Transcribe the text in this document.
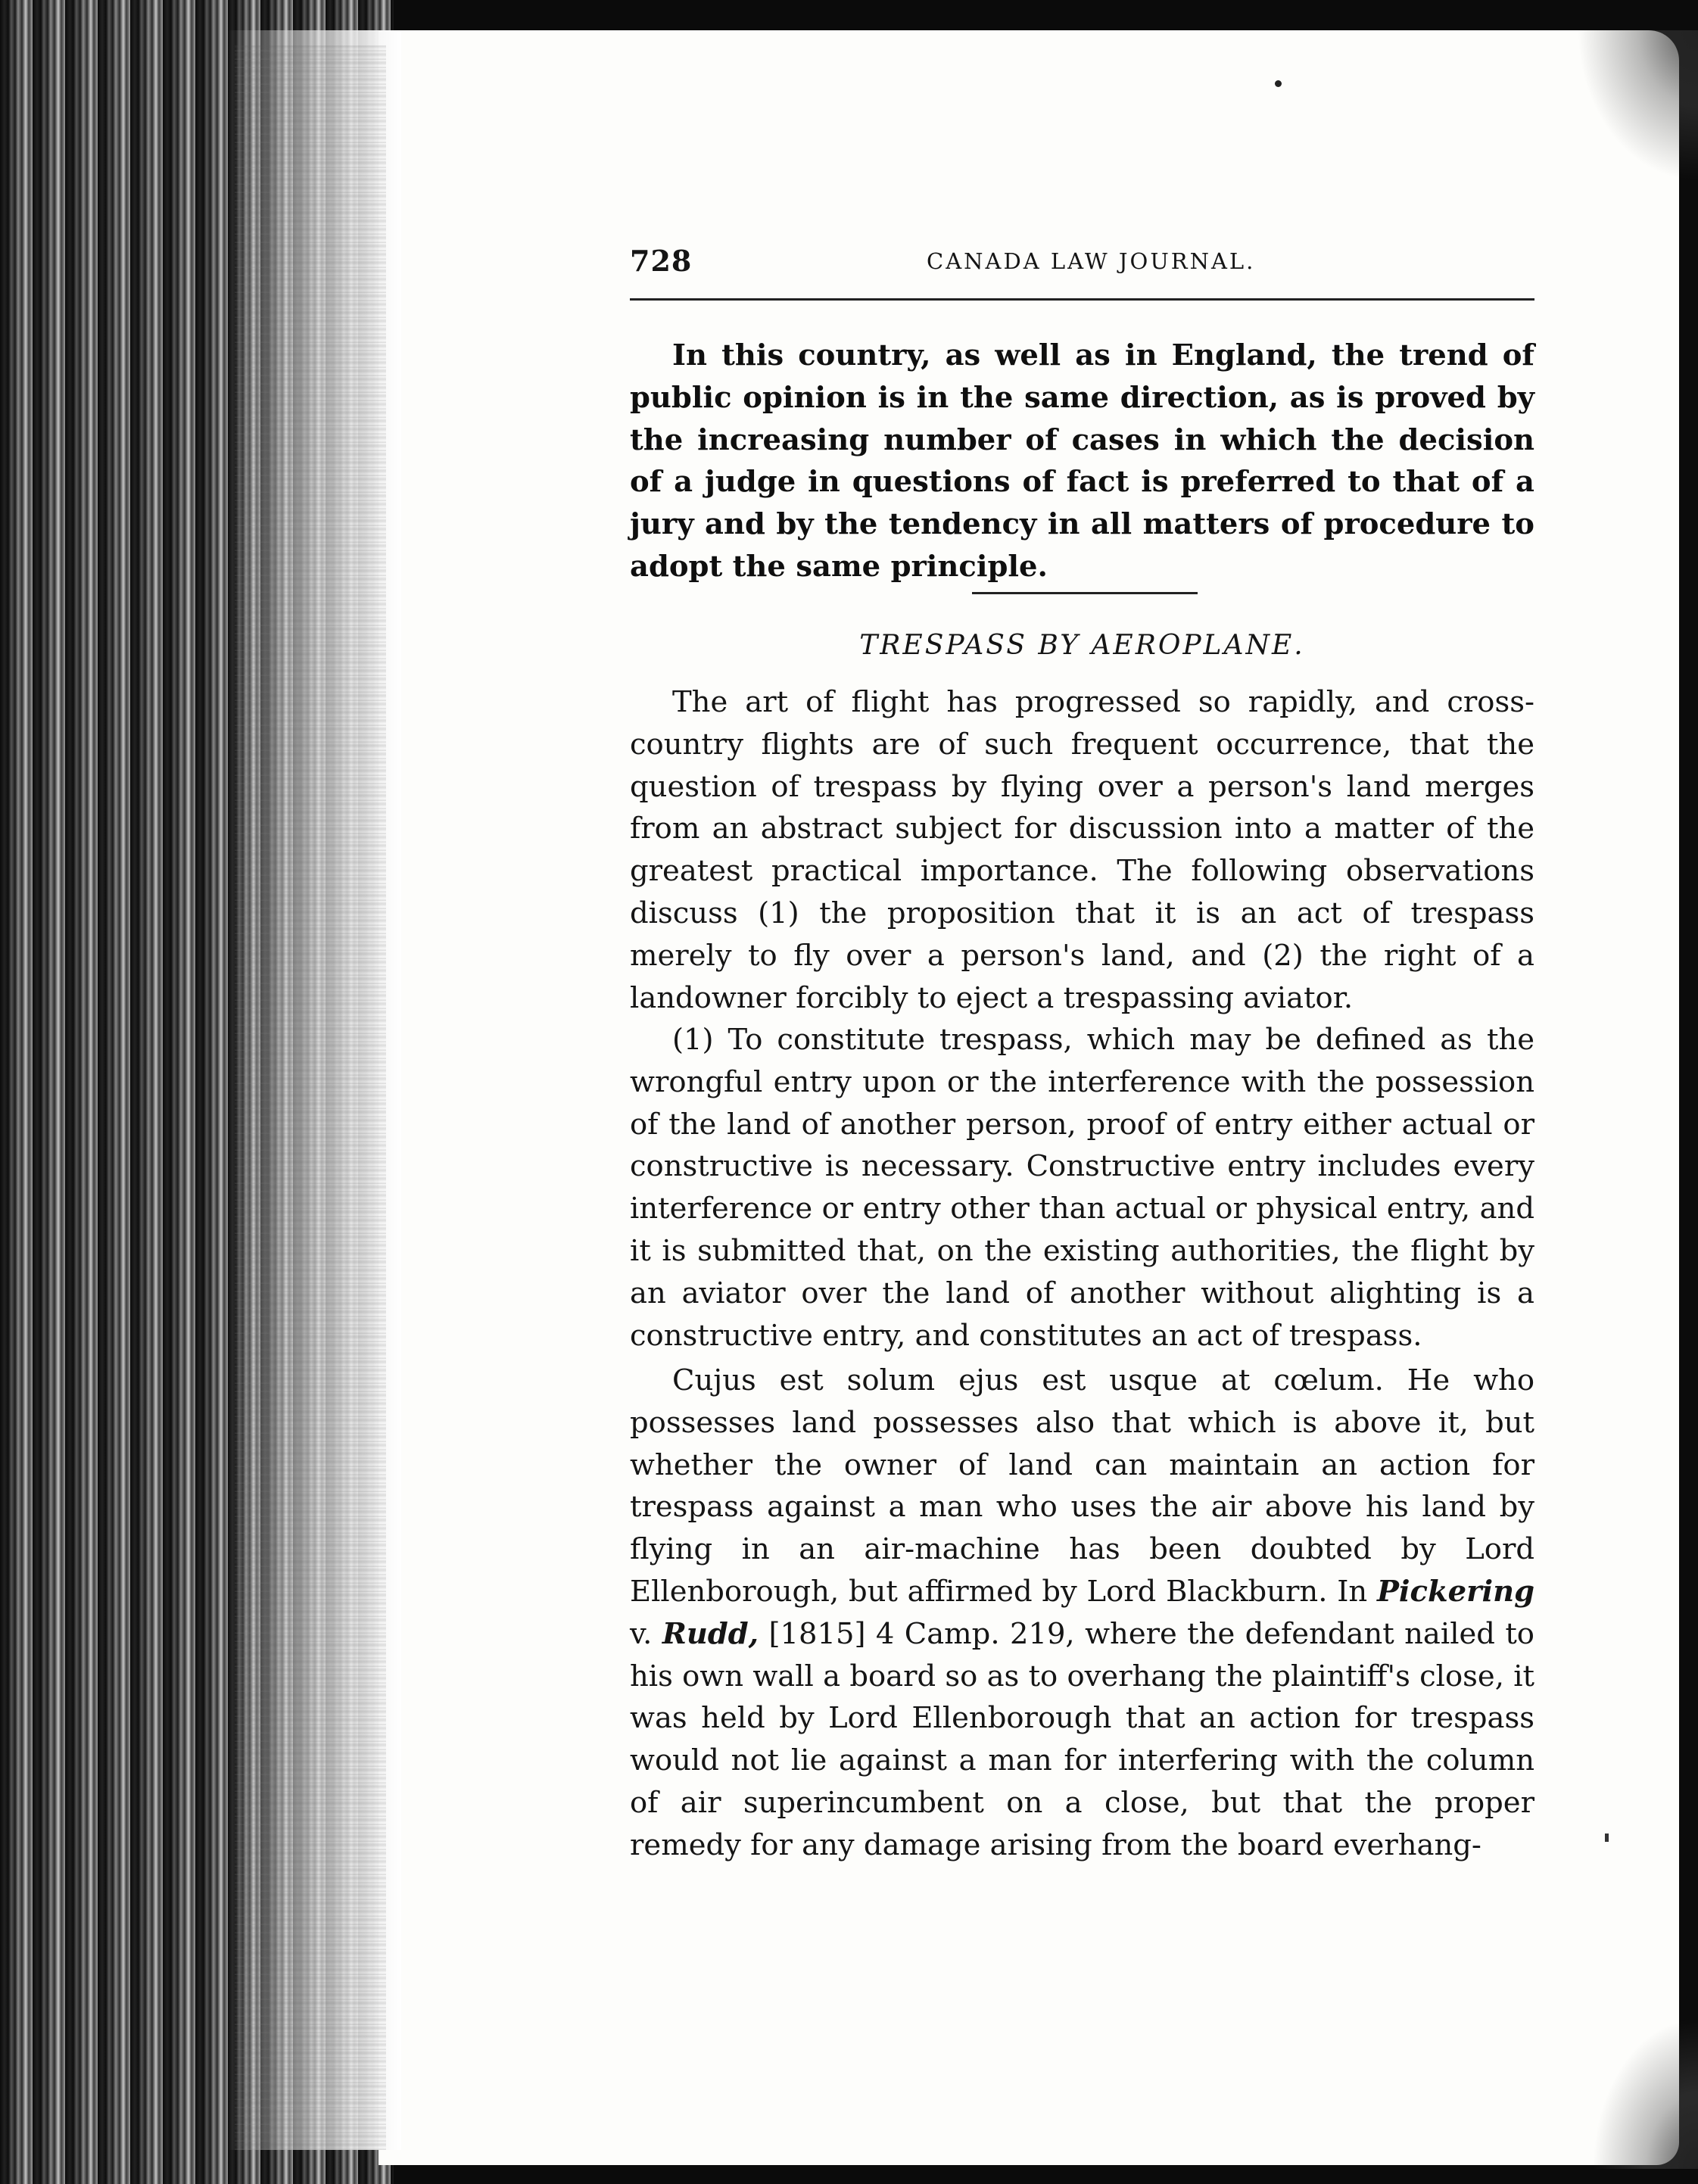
728	CANADA LAW JOURNAL.

In this country, as well as in England, the trend of public opinion is in the same direction, as is proved by the increasing number of cases in which the decision of a judge in questions of fact is preferred to that of a jury and by the tendency in all matters of procedure to adopt the same principle.

TRESPASS BY AEROPLANE.

The art of flight has progressed so rapidly, and cross-country flights are of such frequent occurrence, that the question of trespass by flying over a person's land merges from an abstract subject for discussion into a matter of the greatest practical importance. The following observations discuss (1) the proposition that it is an act of trespass merely to fly over a person's land, and (2) the right of a landowner forcibly to eject a trespassing aviator.

(1) To constitute trespass, which may be defined as the wrongful entry upon or the interference with the possession of the land of another person, proof of entry either actual or constructive is necessary. Constructive entry includes every interference or entry other than actual or physical entry, and it is submitted that, on the existing authorities, the flight by an aviator over the land of another without alighting is a constructive entry, and constitutes an act of trespass.

Cujus est solum ejus est usque at cœlum. He who possesses land possesses also that which is above it, but whether the owner of land can maintain an action for trespass against a man who uses the air above his land by flying in an air-machine has been doubted by Lord Ellenborough, but affirmed by Lord Blackburn. In Pickering v. Rudd, [1815] 4 Camp. 219, where the defendant nailed to his own wall a board so as to overhang the plaintiff's close, it was held by Lord Ellenborough that an action for trespass would not lie against a man for interfering with the column of air superincumbent on a close, but that the proper remedy for any damage arising from the board everhang-
